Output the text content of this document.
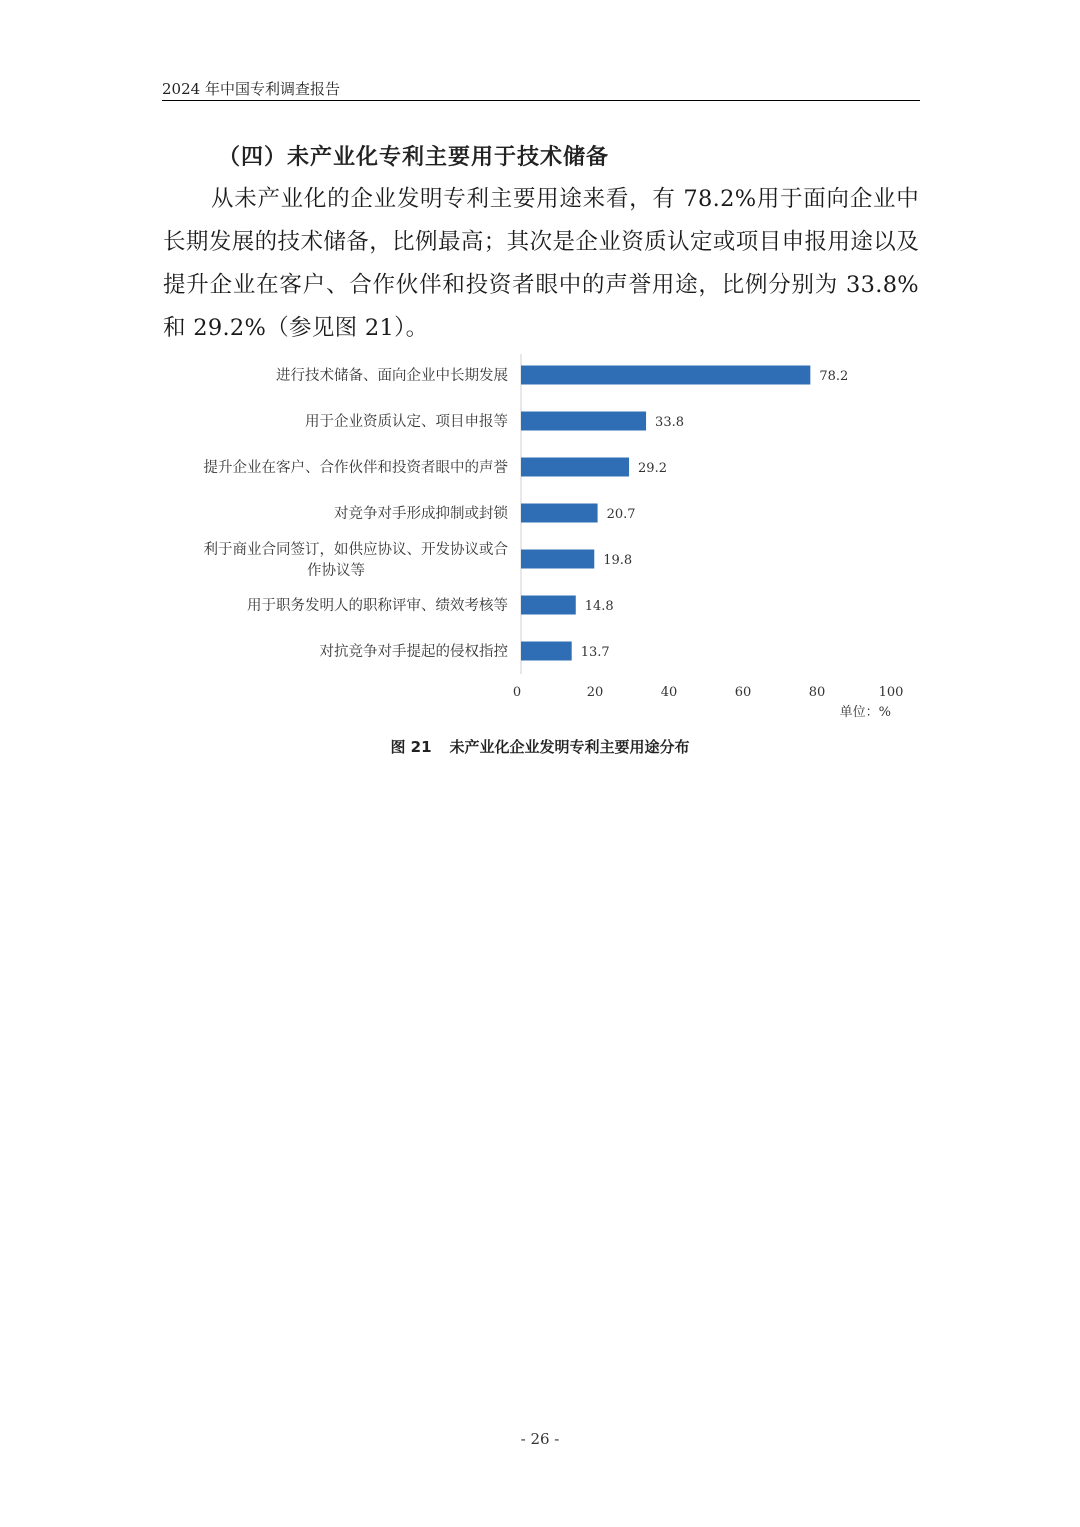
2024 年中国专利调查报告
（四）未产业化专利主要用于技术储备
从未产业化的企业发明专利主要用途来看，有 78.2%用于面向企业中长期发展的技术储备，比例最高；其次是企业资质认定或项目申报用途以及提升企业在客户、合作伙伴和投资者眼中的声誉用途，比例分别为 33.8%和 29.2%（参见图 21）。
78.2
进行技术储备、面向企业中长期发展
33.8
用于企业资质认定、项目申报等
29.2
提升企业在客户、合作伙伴和投资者眼中的声誉
20.7
对竞争对手形成抑制或封锁
19.8
利于商业合同签订，如供应协议、开发协议或合
作协议等
14.8
用于职务发明人的职称评审、绩效考核等
13.7
对抗竞争对手提起的侵权指控
0	20	40	60	80	100
单位：%
图 21 未产业化企业发明专利主要用途分布
- 26 -
